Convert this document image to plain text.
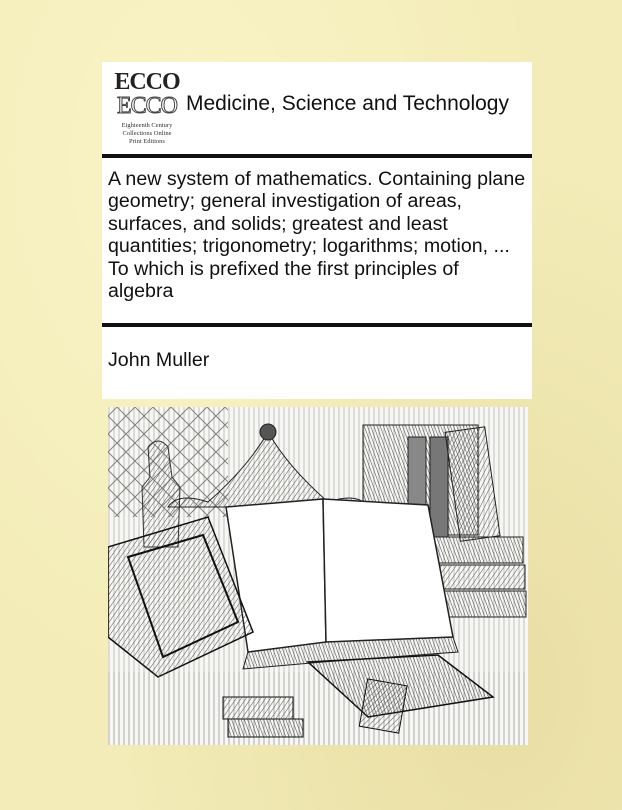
ECCO
ECCO
Eighteenth Century
Collections Online
Print Editions
Medicine, Science and Technology
A new system of mathematics. Containing plane geometry; general investigation of areas, surfaces, and solids; greatest and least quantities; trigonometry; logarithms; motion, ... To which is prefixed the first principles of algebra
John Muller
